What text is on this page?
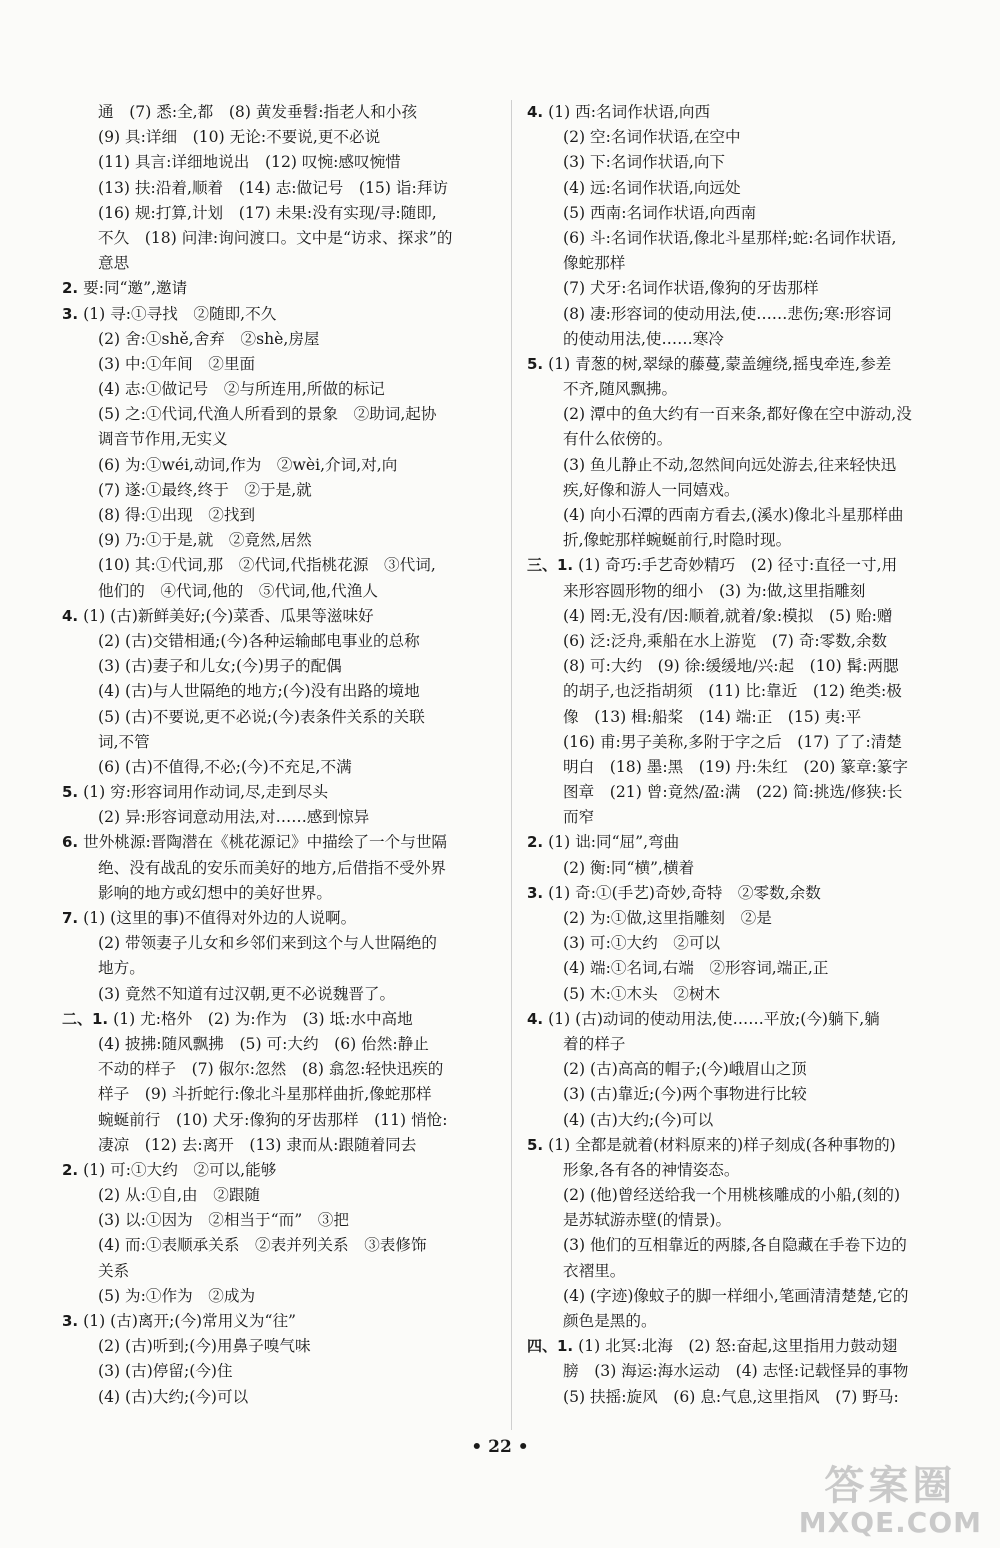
通　(7) 悉:全,都　(8) 黄发垂髫:指老人和小孩
(9) 具:详细　(10) 无论:不要说,更不必说
(11) 具言:详细地说出　(12) 叹惋:感叹惋惜
(13) 扶:沿着,顺着　(14) 志:做记号　(15) 诣:拜访
(16) 规:打算,计划　(17) 未果:没有实现/寻:随即,
不久　(18) 问津:询问渡口。文中是“访求、探求”的
意思
2. 要:同“邀”,邀请
3. (1) 寻:①寻找　②随即,不久
(2) 舍:①shě,舍弃　②shè,房屋
(3) 中:①年间　②里面
(4) 志:①做记号　②与所连用,所做的标记
(5) 之:①代词,代渔人所看到的景象　②助词,起协
调音节作用,无实义
(6) 为:①wéi,动词,作为　②wèi,介词,对,向
(7) 遂:①最终,终于　②于是,就
(8) 得:①出现　②找到
(9) 乃:①于是,就　②竟然,居然
(10) 其:①代词,那　②代词,代指桃花源　③代词,
他们的　④代词,他的　⑤代词,他,代渔人
4. (1) (古)新鲜美好;(今)菜香、瓜果等滋味好
(2) (古)交错相通;(今)各种运输邮电事业的总称
(3) (古)妻子和儿女;(今)男子的配偶
(4) (古)与人世隔绝的地方;(今)没有出路的境地
(5) (古)不要说,更不必说;(今)表条件关系的关联
词,不管
(6) (古)不值得,不必;(今)不充足,不满
5. (1) 穷:形容词用作动词,尽,走到尽头
(2) 异:形容词意动用法,对……感到惊异
6. 世外桃源:晋陶潜在《桃花源记》中描绘了一个与世隔
绝、没有战乱的安乐而美好的地方,后借指不受外界
影响的地方或幻想中的美好世界。
7. (1) (这里的事)不值得对外边的人说啊。
(2) 带领妻子儿女和乡邻们来到这个与人世隔绝的
地方。
(3) 竟然不知道有过汉朝,更不必说魏晋了。
二、1. (1) 尤:格外　(2) 为:作为　(3) 坻:水中高地
(4) 披拂:随风飘拂　(5) 可:大约　(6) 佁然:静止
不动的样子　(7) 俶尔:忽然　(8) 翕忽:轻快迅疾的
样子　(9) 斗折蛇行:像北斗星那样曲折,像蛇那样
蜿蜒前行　(10) 犬牙:像狗的牙齿那样　(11) 悄怆:
凄凉　(12) 去:离开　(13) 隶而从:跟随着同去
2. (1) 可:①大约　②可以,能够
(2) 从:①自,由　②跟随
(3) 以:①因为　②相当于“而”　③把
(4) 而:①表顺承关系　②表并列关系　③表修饰
关系
(5) 为:①作为　②成为
3. (1) (古)离开;(今)常用义为“往”
(2) (古)听到;(今)用鼻子嗅气味
(3) (古)停留;(今)住
(4) (古)大约;(今)可以
4. (1) 西:名词作状语,向西
(2) 空:名词作状语,在空中
(3) 下:名词作状语,向下
(4) 远:名词作状语,向远处
(5) 西南:名词作状语,向西南
(6) 斗:名词作状语,像北斗星那样;蛇:名词作状语,
像蛇那样
(7) 犬牙:名词作状语,像狗的牙齿那样
(8) 凄:形容词的使动用法,使……悲伤;寒:形容词
的使动用法,使……寒冷
5. (1) 青葱的树,翠绿的藤蔓,蒙盖缠绕,摇曳牵连,参差
不齐,随风飘拂。
(2) 潭中的鱼大约有一百来条,都好像在空中游动,没
有什么依傍的。
(3) 鱼儿静止不动,忽然间向远处游去,往来轻快迅
疾,好像和游人一同嬉戏。
(4) 向小石潭的西南方看去,(溪水)像北斗星那样曲
折,像蛇那样蜿蜒前行,时隐时现。
三、1. (1) 奇巧:手艺奇妙精巧　(2) 径寸:直径一寸,用
来形容圆形物的细小　(3) 为:做,这里指雕刻
(4) 罔:无,没有/因:顺着,就着/象:模拟　(5) 贻:赠
(6) 泛:泛舟,乘船在水上游览　(7) 奇:零数,余数
(8) 可:大约　(9) 徐:缓缓地/兴:起　(10) 髯:两腮
的胡子,也泛指胡须　(11) 比:靠近　(12) 绝类:极
像　(13) 楫:船桨　(14) 端:正　(15) 夷:平
(16) 甫:男子美称,多附于字之后　(17) 了了:清楚
明白　(18) 墨:黑　(19) 丹:朱红　(20) 篆章:篆字
图章　(21) 曾:竟然/盈:满　(22) 简:挑选/修狭:长
而窄
2. (1) 诎:同“屈”,弯曲
(2) 衡:同“横”,横着
3. (1) 奇:①(手艺)奇妙,奇特　②零数,余数
(2) 为:①做,这里指雕刻　②是
(3) 可:①大约　②可以
(4) 端:①名词,右端　②形容词,端正,正
(5) 木:①木头　②树木
4. (1) (古)动词的使动用法,使……平放;(今)躺下,躺
着的样子
(2) (古)高高的帽子;(今)峨眉山之顶
(3) (古)靠近;(今)两个事物进行比较
(4) (古)大约;(今)可以
5. (1) 全都是就着(材料原来的)样子刻成(各种事物的)
形象,各有各的神情姿态。
(2) (他)曾经送给我一个用桃核雕成的小船,(刻的)
是苏轼游赤壁(的情景)。
(3) 他们的互相靠近的两膝,各自隐藏在手卷下边的
衣褶里。
(4) (字迹)像蚊子的脚一样细小,笔画清清楚楚,它的
颜色是黑的。
四、1. (1) 北冥:北海　(2) 怒:奋起,这里指用力鼓动翅
膀　(3) 海运:海水运动　(4) 志怪:记载怪异的事物
(5) 扶摇:旋风　(6) 息:气息,这里指风　(7) 野马:
• 22 •
答案圈
MXQE.COM
